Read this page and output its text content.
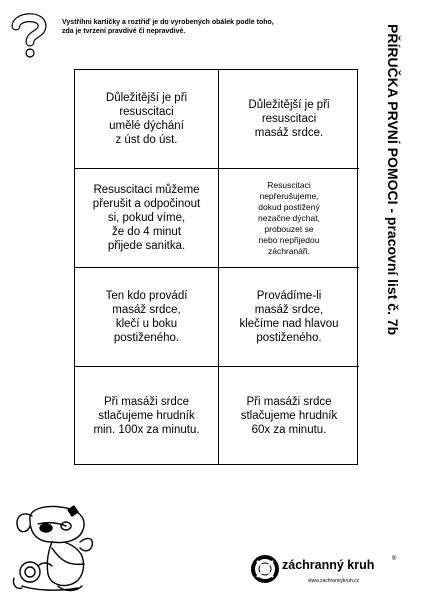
Vystříhni kartičky a roztřiď je do vyrobených obálek podle toho,
zda je tvrzení pravdivé či nepravdivé.
Důležitější je při
resuscitaci
umělé dýchání
z úst do úst.
Důležitější je při
resuscitaci
masáž srdce.
Resuscitaci můžeme
přerušit a odpočinout
si, pokud víme,
že do 4 minut
přijede sanitka.
Resuscitaci
nepřerušujeme,
dokud postižený
nezačne dýchat,
probouzet se
nebo nepřijedou
záchranáři.
Ten kdo provádí
masáž srdce,
klečí u boku
postiženého.
Provádíme-li
masáž srdce,
klečíme nad hlavou
postiženého.
Při masáži srdce
stlačujeme hrudník
min. 100x za minutu.
Při masáži srdce
stlačujeme hrudník
60x za minutu.
PŘÍRUČKA PRVNÍ POMOCI - pracovní list č. 7b
záchranný kruh	®
www.zachrannykruh.cz
